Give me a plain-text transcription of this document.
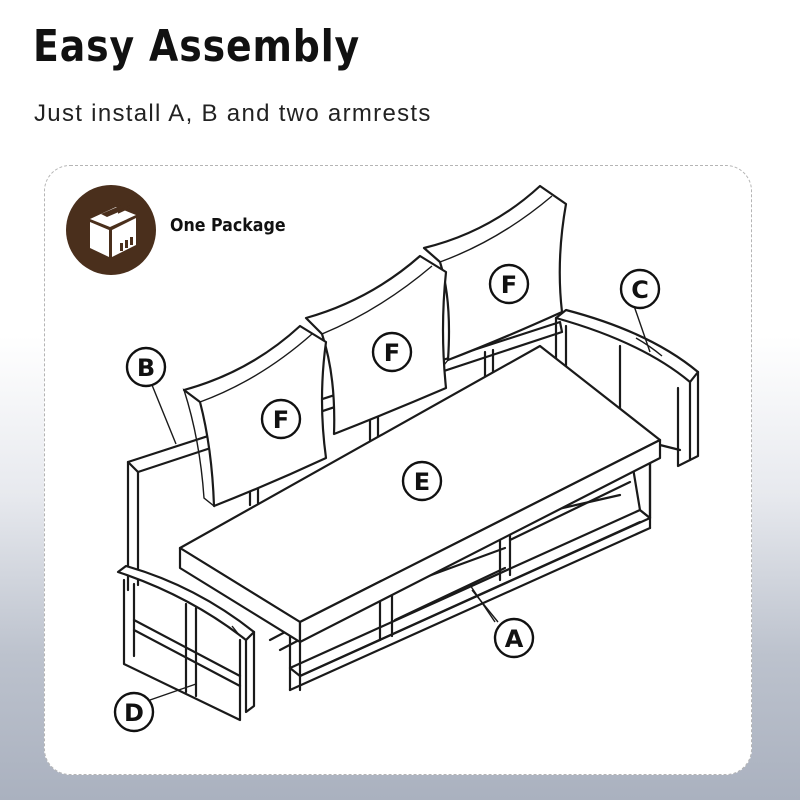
Easy Assembly
Just install A, B and two armrests
One Package
B
C
E
A
D
F
F
F
